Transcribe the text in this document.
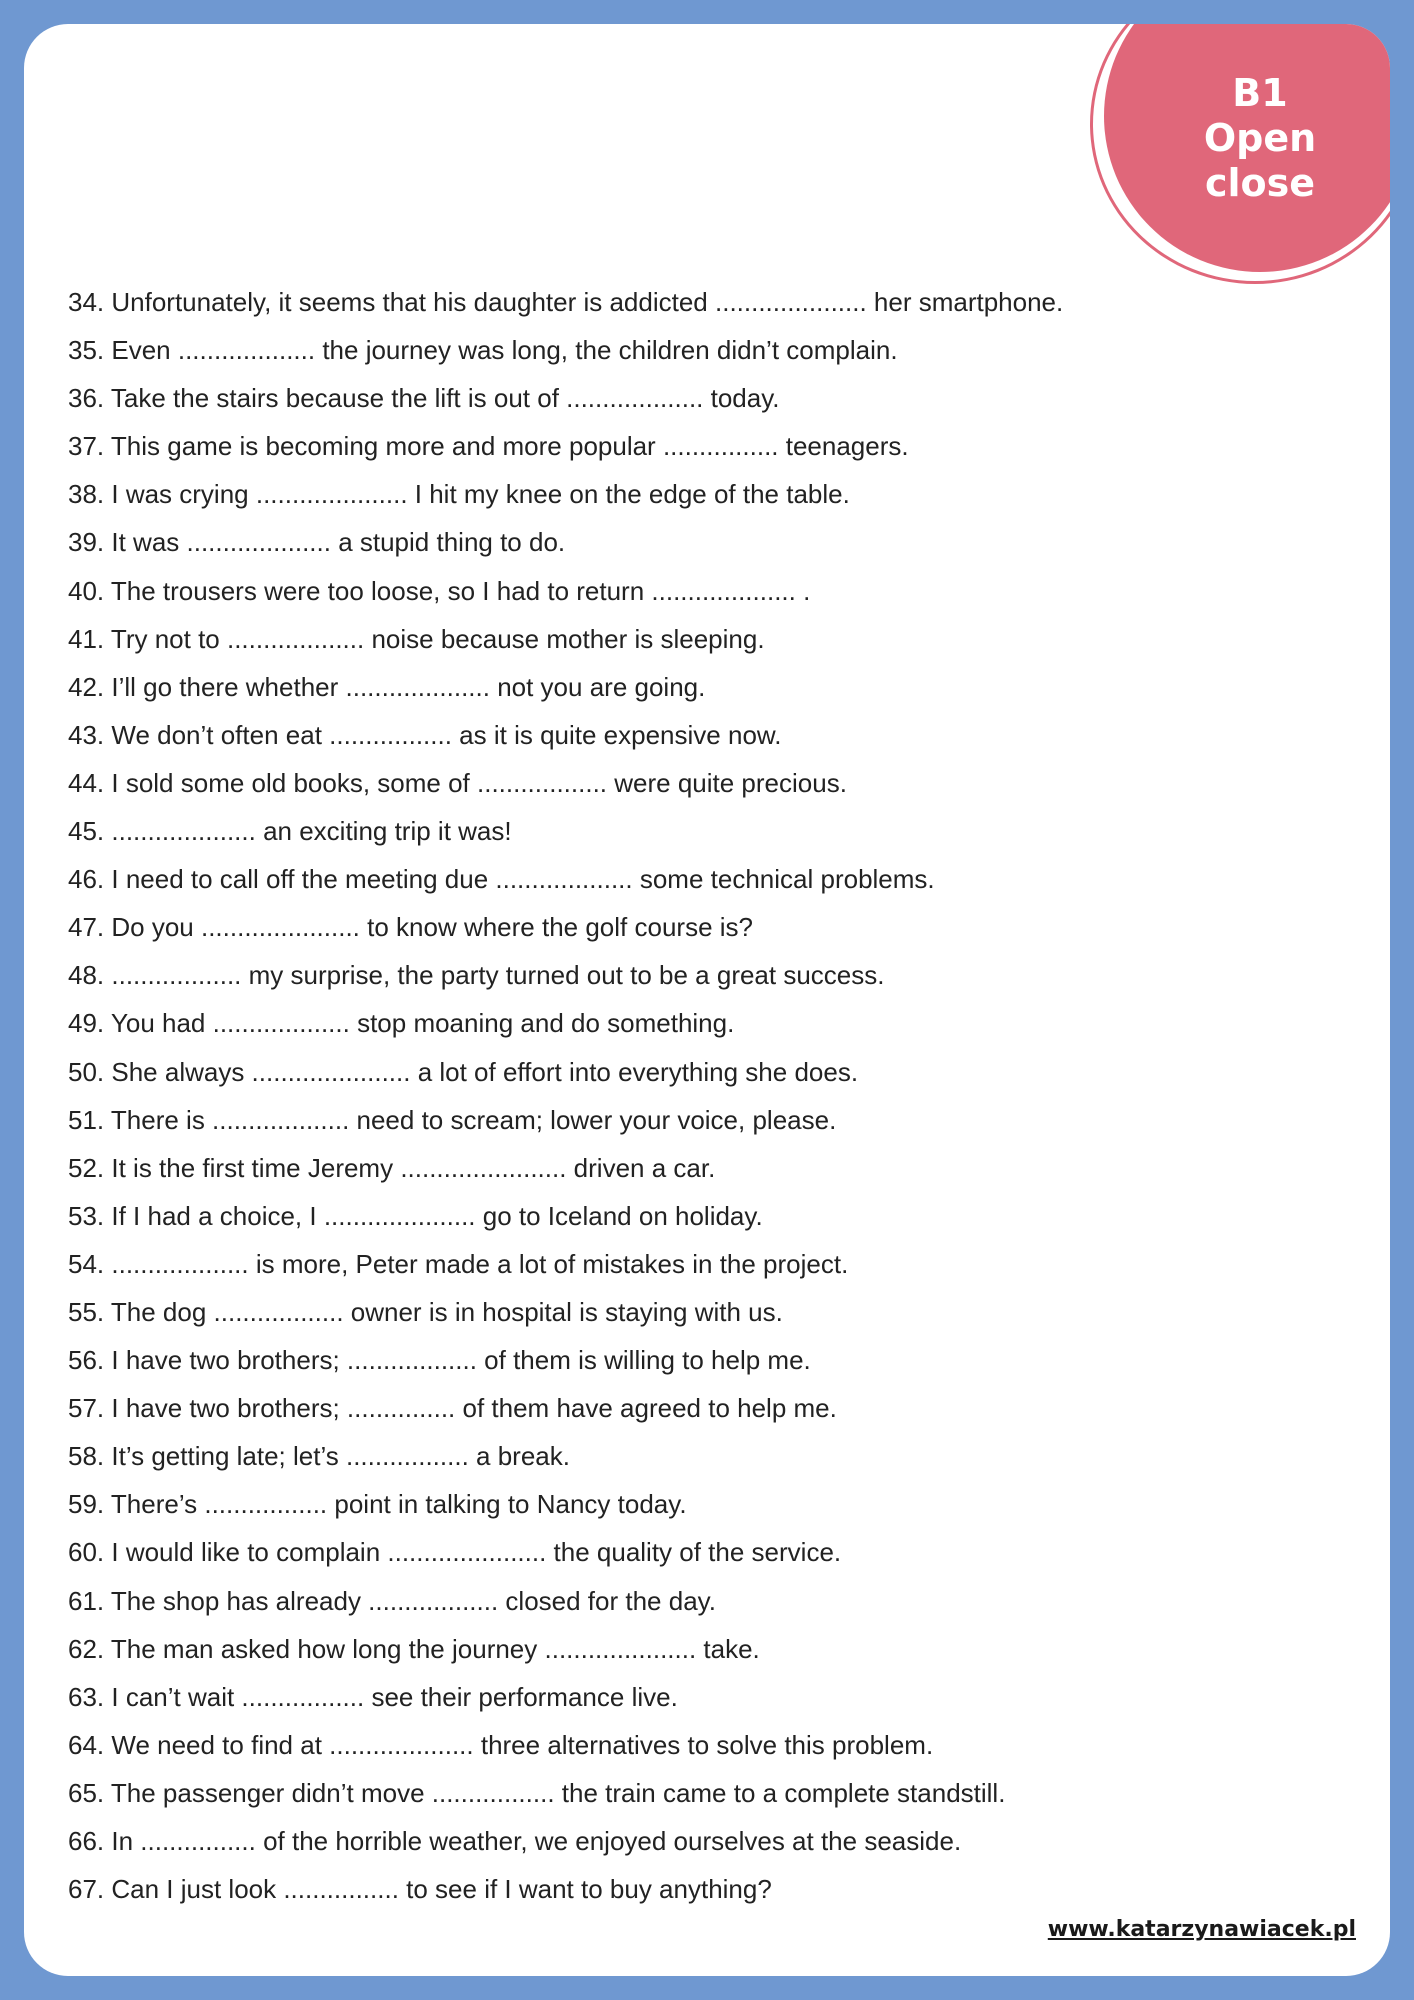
B1
Open
close
34. Unfortunately, it seems that his daughter is addicted ..................... her smartphone.
35. Even ................... the journey was long, the children didn’t complain.
36. Take the stairs because the lift is out of ................... today.
37. This game is becoming more and more popular ................ teenagers.
38. I was crying ..................... I hit my knee on the edge of the table.
39. It was .................... a stupid thing to do.
40. The trousers were too loose, so I had to return .................... .
41. Try not to ................... noise because mother is sleeping.
42. I’ll go there whether .................... not you are going.
43. We don’t often eat ................. as it is quite expensive now.
44. I sold some old books, some of .................. were quite precious.
45. .................... an exciting trip it was!
46. I need to call off the meeting due ................... some technical problems.
47. Do you ...................... to know where the golf course is?
48. .................. my surprise, the party turned out to be a great success.
49. You had ................... stop moaning and do something.
50. She always ...................... a lot of effort into everything she does.
51. There is ................... need to scream; lower your voice, please.
52. It is the first time Jeremy ....................... driven a car.
53. If I had a choice, I ..................... go to Iceland on holiday.
54. ................... is more, Peter made a lot of mistakes in the project.
55. The dog .................. owner is in hospital is staying with us.
56. I have two brothers; .................. of them is willing to help me.
57. I have two brothers; ............... of them have agreed to help me.
58. It’s getting late; let’s ................. a break.
59. There’s ................. point in talking to Nancy today.
60. I would like to complain ...................... the quality of the service.
61. The shop has already .................. closed for the day.
62. The man asked how long the journey ..................... take.
63. I can’t wait ................. see their performance live.
64. We need to find at .................... three alternatives to solve this problem.
65. The passenger didn’t move ................. the train came to a complete standstill.
66. In ................ of the horrible weather, we enjoyed ourselves at the seaside.
67. Can I just look ................ to see if I want to buy anything?
www.katarzynawiacek.pl
